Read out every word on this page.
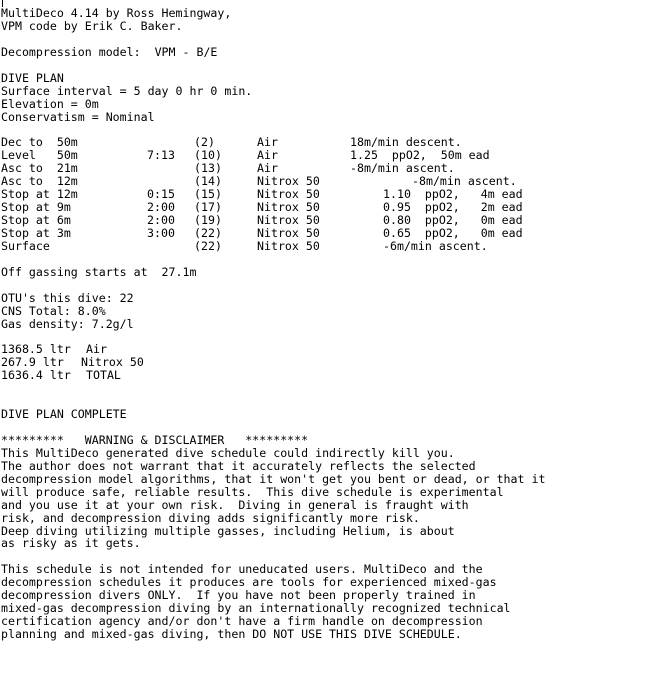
MultiDeco 4.14 by Ross Hemingway,
VPM code by Erik C. Baker.
Decompression model: VPM - B/E
DIVE PLAN
Surface interval = 5 day 0 hr 0 min.
Elevation = 0m
Conservatism = Nominal
Dec to  50m	(2)	Air	18m/min descent.
Level   50m	7:13 (10)	Air	1.25  ppO2,  50m ead
Asc to  21m	(13)	Air	-8m/min ascent.
Asc to  12m	(14)	Nitrox 50	-8m/min ascent.
Stop at 12m	0:15 (15)	Nitrox 50	1.10  ppO2,   4m ead
Stop at 9m	2:00 (17)	Nitrox 50	0.95  ppO2,   2m ead
Stop at 6m	2:00 (19)	Nitrox 50	0.80  ppO2,   0m ead
Stop at 3m	3:00 (22)	Nitrox 50	0.65  ppO2,   0m ead
Surface	(22)	Nitrox 50	-6m/min ascent.
Off gassing starts at  27.1m
OTU's this dive: 22
CNS Total: 8.0%
Gas density: 7.2g/l
1368.5 ltr Air
267.9 ltr Nitrox 50
1636.4 ltr TOTAL
DIVE PLAN COMPLETE
*********   WARNING & DISCLAIMER   *********
This MultiDeco generated dive schedule could indirectly kill you.
The author does not warrant that it accurately reflects the selected
decompression model algorithms, that it won't get you bent or dead, or that it
will produce safe, reliable results.  This dive schedule is experimental
and you use it at your own risk.  Diving in general is fraught with
risk, and decompression diving adds significantly more risk.
Deep diving utilizing multiple gasses, including Helium, is about
as risky as it gets.
This schedule is not intended for uneducated users. MultiDeco and the
decompression schedules it produces are tools for experienced mixed-gas
decompression divers ONLY.  If you have not been properly trained in
mixed-gas decompression diving by an internationally recognized technical
certification agency and/or don't have a firm handle on decompression
planning and mixed-gas diving, then DO NOT USE THIS DIVE SCHEDULE.
